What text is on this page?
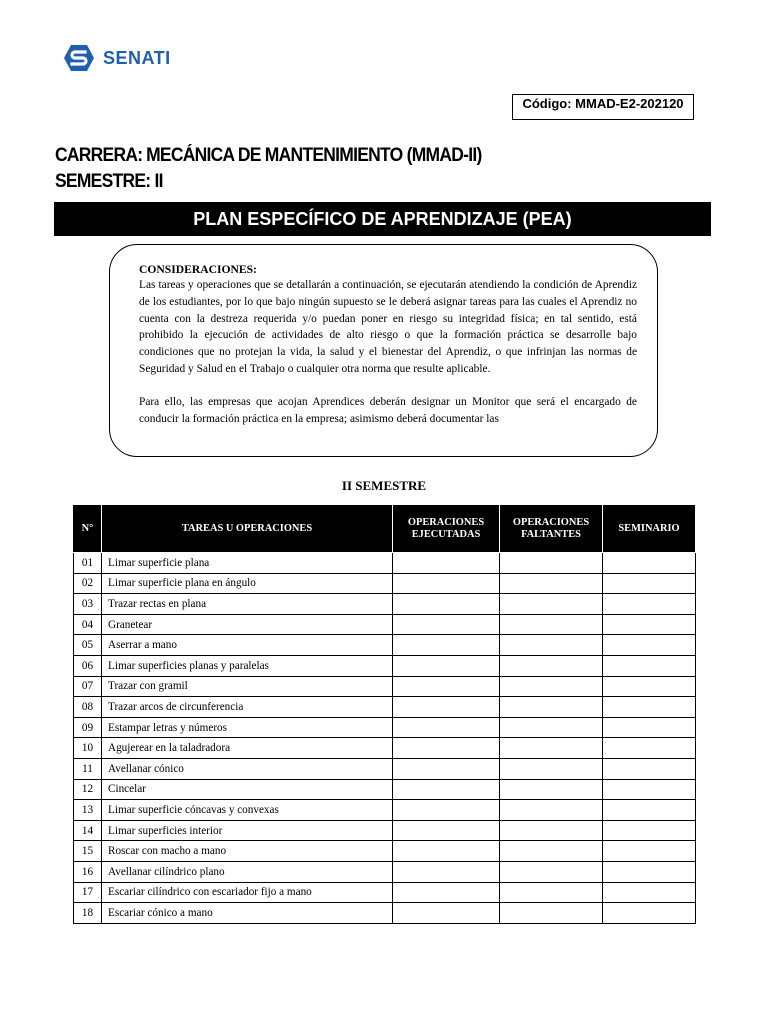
SENATI
Código: MMAD-E2-202120
CARRERA: MECÁNICA DE MANTENIMIENTO (MMAD-II)
SEMESTRE: II
PLAN ESPECÍFICO DE APRENDIZAJE (PEA)
CONSIDERACIONES:

Las tareas y operaciones que se detallarán a continuación, se ejecutarán atendiendo la condición de Aprendiz de los estudiantes, por lo que bajo ningún supuesto se le deberá asignar tareas para las cuales el Aprendiz no cuenta con la destreza requerida y/o puedan poner en riesgo su integridad física; en tal sentido, está prohibido la ejecución de actividades de alto riesgo o que la formación práctica se desarrolle bajo condiciones que no protejan la vida, la salud y el bienestar del Aprendiz, o que infrinjan las normas de Seguridad y Salud en el Trabajo o cualquier otra norma que resulte aplicable.

Para ello, las empresas que acojan Aprendices deberán designar un Monitor que será el encargado de conducir la formación práctica en la empresa; asimismo deberá documentar las

II SEMESTRE
N°	TAREAS U OPERACIONES	OPERACIONES EJECUTADAS	OPERACIONES FALTANTES	SEMINARIO
01	Limar superficie plana			
02	Limar superficie plana en ángulo			
03	Trazar rectas en plana			
04	Granetear			
05	Aserrar a mano			
06	Limar superficies planas y paralelas			
07	Trazar con gramil			
08	Trazar arcos de circunferencia			
09	Estampar letras y números			
10	Agujerear en la taladradora			
11	Avellanar cónico			
12	Cincelar			
13	Limar superficie cóncavas y convexas			
14	Limar superficies interior			
15	Roscar con macho a mano			
16	Avellanar cilíndrico plano			
17	Escariar cilíndrico con escariador fijo a mano			
18	Escariar cónico a mano			
